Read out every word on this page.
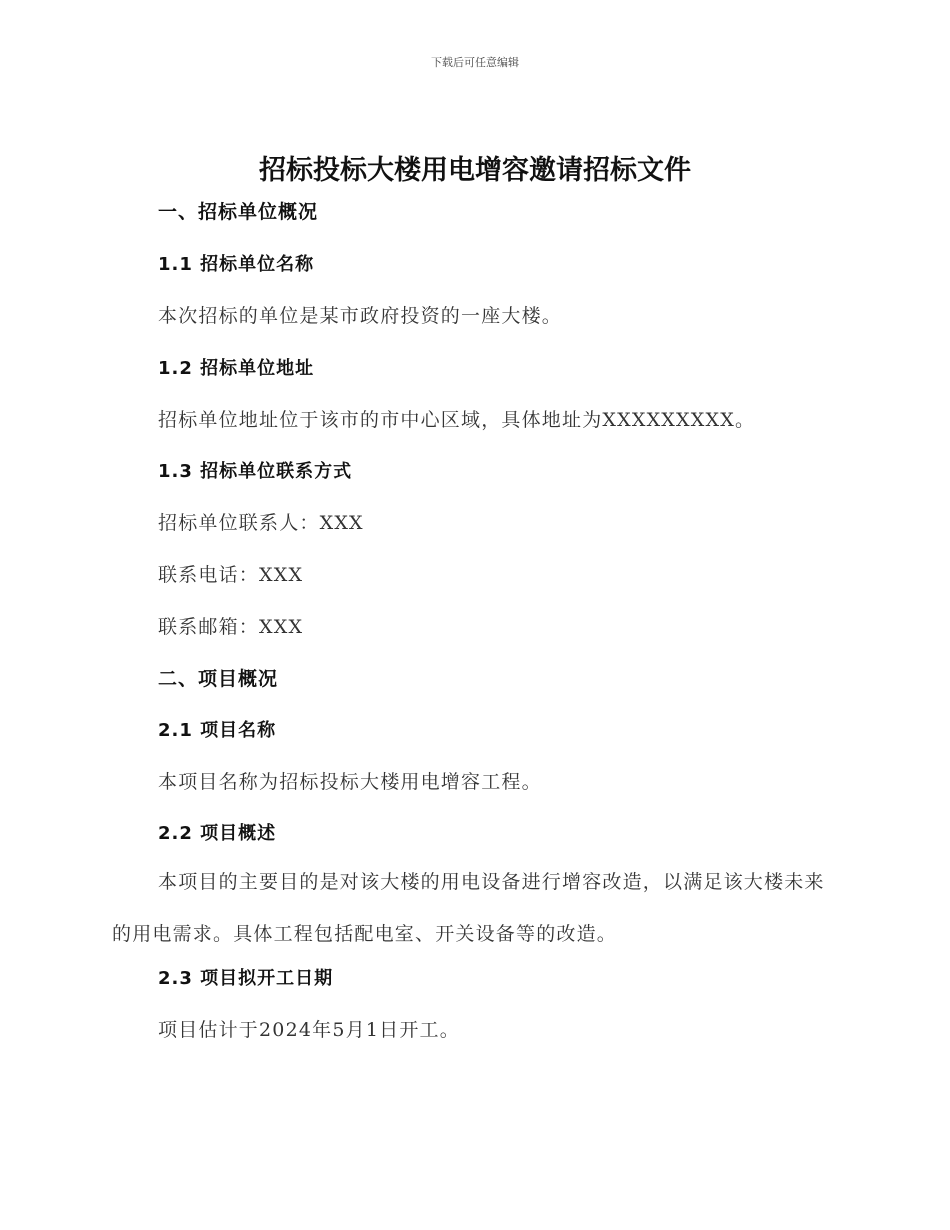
下载后可任意编辑
招标投标大楼用电增容邀请招标文件
一、招标单位概况
1.1 招标单位名称
本次招标的单位是某市政府投资的一座大楼。
1.2 招标单位地址
招标单位地址位于该市的市中心区域，具体地址为XXXXXXXXX。
1.3 招标单位联系方式
招标单位联系人：XXX
联系电话：XXX
联系邮箱：XXX
二、项目概况
2.1 项目名称
本项目名称为招标投标大楼用电增容工程。
2.2 项目概述

本项目的主要目的是对该大楼的用电设备进行增容改造，以满足该大楼未来的用电需求。具体工程包括配电室、开关设备等的改造。

2.3 项目拟开工日期
项目估计于2024年5月1日开工。
